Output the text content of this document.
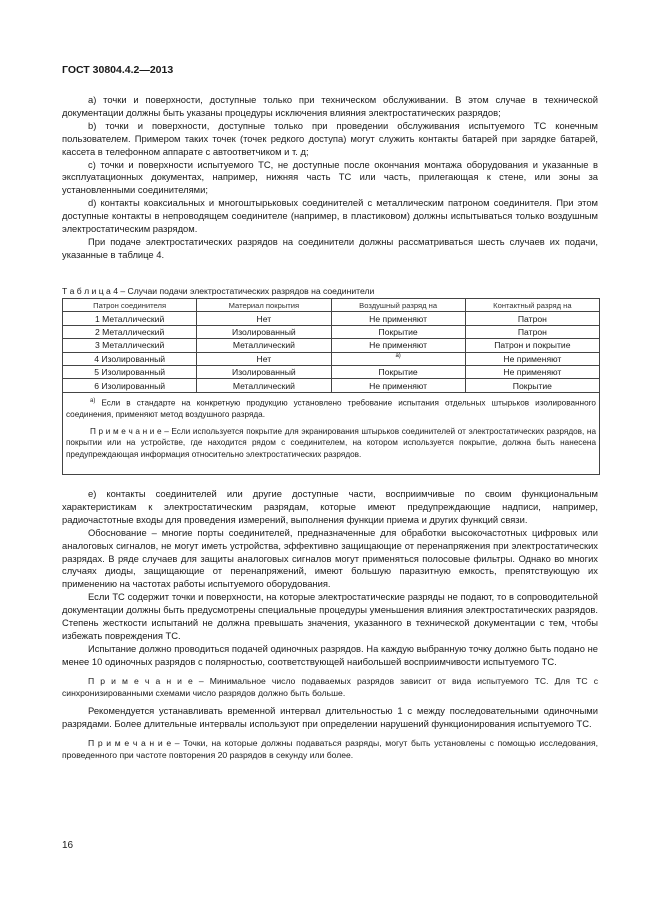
ГОСТ 30804.4.2—2013

a) точки и поверхности, доступные только при техническом обслуживании. В этом случае в технической документации должны быть указаны процедуры исключения влияния электростатических разрядов;

b) точки и поверхности, доступные только при проведении обслуживания испытуемого ТС конечным пользователем. Примером таких точек (точек редкого доступа) могут служить контакты батарей при зарядке батарей, кассета в телефонном аппарате с автоответчиком и т. д;

c) точки и поверхности испытуемого ТС, не доступные после окончания монтажа оборудования и указанные в эксплуатационных документах, например, нижняя часть ТС или часть, прилегающая к стене, или зоны за установленными соединителями;

d) контакты коаксиальных и многоштырьковых соединителей с металлическим патроном соединителя. При этом доступные контакты в непроводящем соединителе (например, в пластиковом) должны испытываться только воздушным электростатическим разрядом.

При подаче электростатических разрядов на соединители должны рассматриваться шесть случаев их подачи, указанные в таблице 4.

Т а б л и ц а 4 – Случаи подачи электростатических разрядов на соединители
Патрон соединителя	Материал покрытия	Воздушный разряд на	Контактный разряд на
1 Металлический	Нет	Не применяют	Патрон
2 Металлический	Изолированный	Покрытие	Патрон
3 Металлический	Металлический	Не применяют	Патрон и покрытие
4 Изолированный	Нет	а)	Не применяют
5 Изолированный	Изолированный	Покрытие	Не применяют
6 Изолированный	Металлический	Не применяют	Покрытие

$^{а)}$ Если в стандарте на конкретную продукцию установлено требование испытания отдельных штырьков изолированного соединения, применяют метод воздушного разряда.

П р и м е ч а н и е – Если используется покрытие для экранирования штырьков соединителей от электростатических разрядов, на покрытии или на устройстве, где находится рядом с соединителем, на котором используется покрытие, должна быть нанесена предупреждающая информация относительно электростатических разрядов.

e) контакты соединителей или другие доступные части, восприимчивые по своим функциональным характеристикам к электростатическим разрядам, которые имеют предупреждающие надписи, например, радиочастотные входы для проведения измерений, выполнения функции приема и других функций связи.

Обоснование – многие порты соединителей, предназначенные для обработки высокочастотных цифровых или аналоговых сигналов, не могут иметь устройства, эффективно защищающие от перенапряжения при электростатических разрядах. В ряде случаев для защиты аналоговых сигналов могут применяться полосовые фильтры. Однако во многих случаях диоды, защищающие от перенапряжений, имеют большую паразитную емкость, препятствующую их применению на частотах работы испытуемого оборудования.

Если ТС содержит точки и поверхности, на которые электростатические разряды не подают, то в сопроводительной документации должны быть предусмотрены специальные процедуры уменьшения влияния электростатических разрядов. Степень жесткости испытаний не должна превышать значения, указанного в технической документации с тем, чтобы избежать повреждения ТС.

Испытание должно проводиться подачей одиночных разрядов. На каждую выбранную точку должно быть подано не менее 10 одиночных разрядов с полярностью, соответствующей наибольшей восприимчивости испытуемого ТС.

П р и м е ч а н и е – Минимальное число подаваемых разрядов зависит от вида испытуемого ТС. Для ТС с синхронизированными схемами число разрядов должно быть больше.

Рекомендуется устанавливать временной интервал длительностью 1 с между последовательными одиночными разрядами. Более длительные интервалы используют при определении нарушений функционирования испытуемого ТС.

П р и м е ч а н и е – Точки, на которые должны подаваться разряды, могут быть установлены с помощью исследования, проведенного при частоте повторения 20 разрядов в секунду или более.

16
